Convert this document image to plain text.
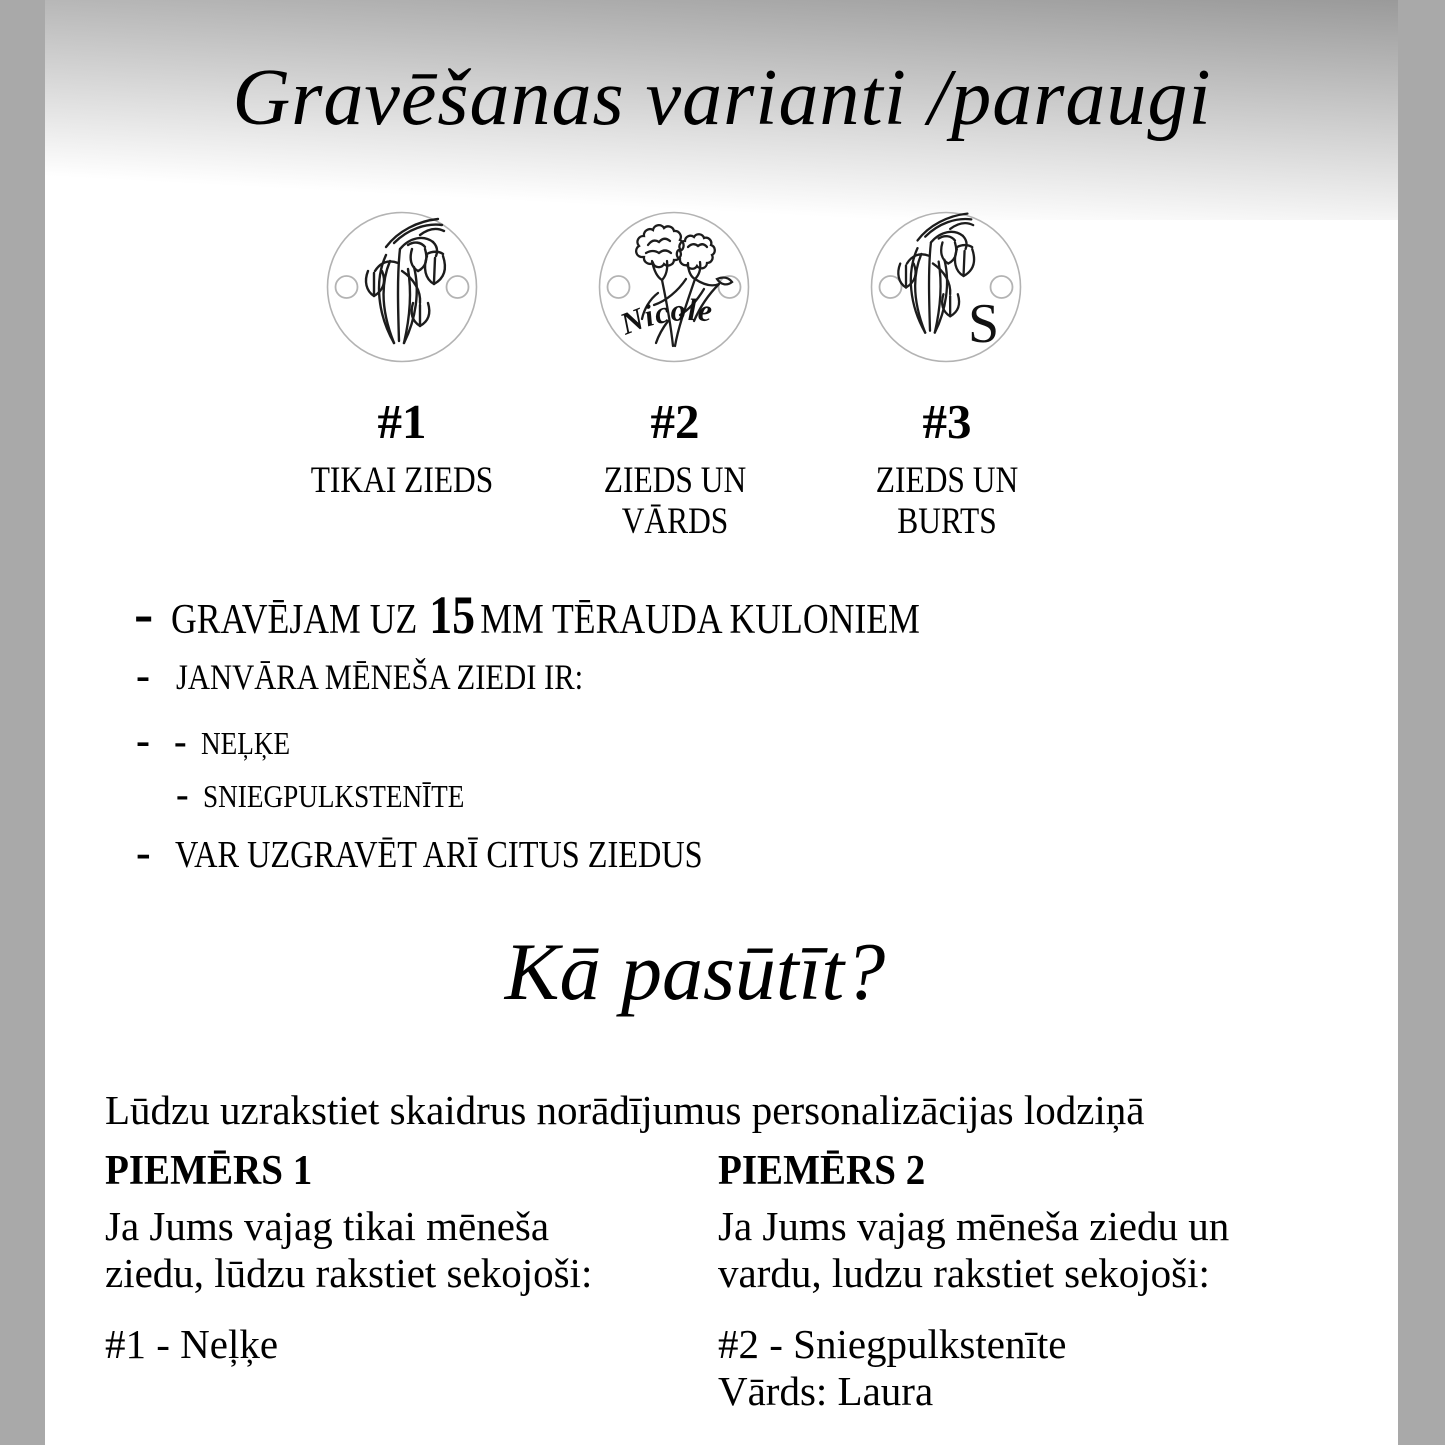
Gravēšanas varianti /paraugi
Nicole	S
#1
TIKAI ZIEDS
#2
ZIEDS UN
VĀRDS
#3
ZIEDS UN
BURTS
- GRAVĒJAM UZ 15 MM TĒRAUDA KULONIEM
- JANVĀRA MĒNEŠA ZIEDI IR:
- - NEĻĶE
- SNIEGPULKSTENĪTE
- VAR UZGRAVĒT ARĪ CITUS ZIEDUS
Kā pasūtīt?
Lūdzu uzrakstiet skaidrus norādījumus personalizācijas lodziņā
PIEMĒRS 1
Ja Jums vajag tikai mēneša
ziedu, lūdzu rakstiet sekojoši:
#1 - Neļķe
PIEMĒRS 2
Ja Jums vajag mēneša ziedu un
vardu, ludzu rakstiet sekojoši:
#2 - Sniegpulkstenīte
Vārds: Laura
